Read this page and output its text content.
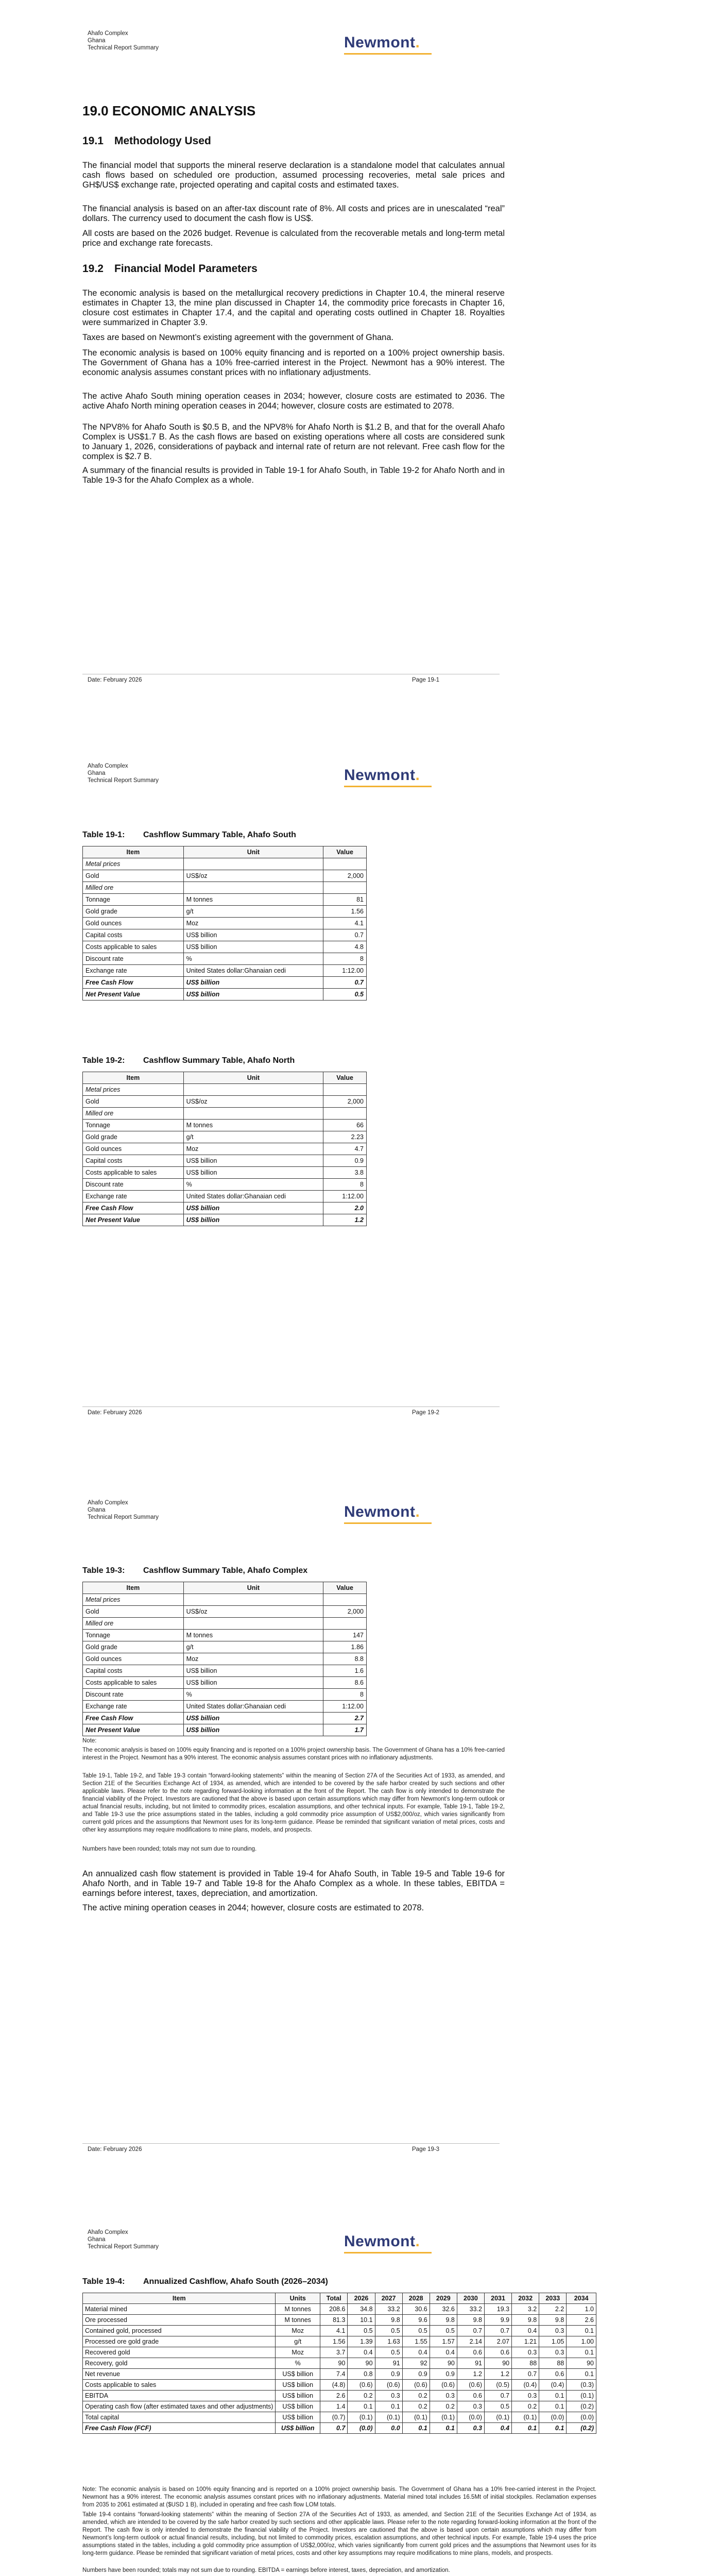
Ahafo Complex
Ghana
Technical Report Summary	Newmont.
19.0 ECONOMIC ANALYSIS
19.1 Methodology Used

The financial model that supports the mineral reserve declaration is a standalone model that calculates annual cash flows based on scheduled ore production, assumed processing recoveries, metal sale prices and GH$/US$ exchange rate, projected operating and capital costs and estimated taxes.

The financial analysis is based on an after-tax discount rate of 8%. All costs and prices are in unescalated “real” dollars. The currency used to document the cash flow is US$.

All costs are based on the 2026 budget. Revenue is calculated from the recoverable metals and long-term metal price and exchange rate forecasts.

19.2 Financial Model Parameters

The economic analysis is based on the metallurgical recovery predictions in Chapter 10.4, the mineral reserve estimates in Chapter 13, the mine plan discussed in Chapter 14, the commodity price forecasts in Chapter 16, closure cost estimates in Chapter 17.4, and the capital and operating costs outlined in Chapter 18. Royalties were summarized in Chapter 3.9.

Taxes are based on Newmont’s existing agreement with the government of Ghana.

The economic analysis is based on 100% equity financing and is reported on a 100% project ownership basis. The Government of Ghana has a 10% free-carried interest in the Project. Newmont has a 90% interest. The economic analysis assumes constant prices with no inflationary adjustments.

The active Ahafo South mining operation ceases in 2034; however, closure costs are estimated to 2036. The active Ahafo North mining operation ceases in 2044; however, closure costs are estimated to 2078.

The NPV8% for Ahafo South is $0.5 B, and the NPV8% for Ahafo North is $1.2 B, and that for the overall Ahafo Complex is US$1.7 B. As the cash flows are based on existing operations where all costs are considered sunk to January 1, 2026, considerations of payback and internal rate of return are not relevant. Free cash flow for the complex is $2.7 B.

A summary of the financial results is provided in Table 19-1 for Ahafo South, in Table 19-2 for Ahafo North and in Table 19-3 for the Ahafo Complex as a whole.

Date: February 2026	Page 19-1
Ahafo Complex
Ghana
Technical Report Summary	Newmont.

Table 19-1: Cashflow Summary Table, Ahafo South

Item	Unit	Value
Metal prices		
Gold	US$/oz	2,000
Milled ore		
Tonnage	M tonnes	81
Gold grade	g/t	1.56
Gold ounces	Moz	4.1
Capital costs	US$ billion	0.7
Costs applicable to sales	US$ billion	4.8
Discount rate	%	8
Exchange rate	United States dollar:Ghanaian cedi	1:12.00
Free Cash Flow	US$ billion	0.7
Net Present Value	US$ billion	0.5

Table 19-2: Cashflow Summary Table, Ahafo North

Item	Unit	Value
Metal prices		
Gold	US$/oz	2,000
Milled ore		
Tonnage	M tonnes	66
Gold grade	g/t	2.23
Gold ounces	Moz	4.7
Capital costs	US$ billion	0.9
Costs applicable to sales	US$ billion	3.8
Discount rate	%	8
Exchange rate	United States dollar:Ghanaian cedi	1:12.00
Free Cash Flow	US$ billion	2.0
Net Present Value	US$ billion	1.2
Date: February 2026	Page 19-2
Ahafo Complex
Ghana
Technical Report Summary	Newmont.

Table 19-3: Cashflow Summary Table, Ahafo Complex

Item	Unit	Value
Metal prices		
Gold	US$/oz	2,000
Milled ore		
Tonnage	M tonnes	147
Gold grade	g/t	1.86
Gold ounces	Moz	8.8
Capital costs	US$ billion	1.6
Costs applicable to sales	US$ billion	8.6
Discount rate	%	8
Exchange rate	United States dollar:Ghanaian cedi	1:12.00
Free Cash Flow	US$ billion	2.7
Net Present Value	US$ billion	1.7

Note:

The economic analysis is based on 100% equity financing and is reported on a 100% project ownership basis. The Government of Ghana has a 10% free-carried interest in the Project. Newmont has a 90% interest. The economic analysis assumes constant prices with no inflationary adjustments.

Table 19-1, Table 19-2, and Table 19-3 contain “forward-looking statements” within the meaning of Section 27A of the Securities Act of 1933, as amended, and Section 21E of the Securities Exchange Act of 1934, as amended, which are intended to be covered by the safe harbor created by such sections and other applicable laws. Please refer to the note regarding forward-looking information at the front of the Report. The cash flow is only intended to demonstrate the financial viability of the Project. Investors are cautioned that the above is based upon certain assumptions which may differ from Newmont’s long-term outlook or actual financial results, including, but not limited to commodity prices, escalation assumptions, and other technical inputs. For example, Table 19-1, Table 19-2, and Table 19-3 use the price assumptions stated in the tables, including a gold commodity price assumption of US$2,000/oz, which varies significantly from current gold prices and the assumptions that Newmont uses for its long-term guidance. Please be reminded that significant variation of metal prices, costs and other key assumptions may require modifications to mine plans, models, and prospects.

Numbers have been rounded; totals may not sum due to rounding.

An annualized cash flow statement is provided in Table 19-4 for Ahafo South, in Table 19-5 and Table 19-6 for Ahafo North, and in Table 19-7 and Table 19-8 for the Ahafo Complex as a whole. In these tables, EBITDA = earnings before interest, taxes, depreciation, and amortization.

The active mining operation ceases in 2044; however, closure costs are estimated to 2078.

Date: February 2026	Page 19-3
Ahafo Complex
Ghana
Technical Report Summary	Newmont.

Table 19-4: Annualized Cashflow, Ahafo South (2026–2034)

Item	Units	Total	2026	2027	2028	2029	2030	2031	2032	2033	2034
Material mined	M tonnes	208.6	34.8	33.2	30.6	32.6	33.2	19.3	3.2	2.2	1.0
Ore processed	M tonnes	81.3	10.1	9.8	9.6	9.8	9.8	9.9	9.8	9.8	2.6
Contained gold, processed	Moz	4.1	0.5	0.5	0.5	0.5	0.7	0.7	0.4	0.3	0.1
Processed ore gold grade	g/t	1.56	1.39	1.63	1.55	1.57	2.14	2.07	1.21	1.05	1.00
Recovered gold	Moz	3.7	0.4	0.5	0.4	0.4	0.6	0.6	0.3	0.3	0.1
Recovery, gold	%	90	90	91	92	90	91	90	88	88	90
Net revenue	US$ billion	7.4	0.8	0.9	0.9	0.9	1.2	1.2	0.7	0.6	0.1
Costs applicable to sales	US$ billion	(4.8)	(0.6)	(0.6)	(0.6)	(0.6)	(0.6)	(0.5)	(0.4)	(0.4)	(0.3)
EBITDA	US$ billion	2.6	0.2	0.3	0.2	0.3	0.6	0.7	0.3	0.1	(0.1)
Operating cash flow (after estimated taxes and other adjustments)	US$ billion	1.4	0.1	0.1	0.2	0.2	0.3	0.5	0.2	0.1	(0.2)
Total capital	US$ billion	(0.7)	(0.1)	(0.1)	(0.1)	(0.1)	(0.0)	(0.1)	(0.1)	(0.0)	(0.0)
Free Cash Flow (FCF)	US$ billion	0.7	(0.0)	0.0	0.1	0.1	0.3	0.4	0.1	0.1	(0.2)

Note: The economic analysis is based on 100% equity financing and is reported on a 100% project ownership basis. The Government of Ghana has a 10% free-carried interest in the Project. Newmont has a 90% interest. The economic analysis assumes constant prices with no inflationary adjustments. Material mined total includes 16.5Mt of initial stockpiles. Reclamation expenses from 2035 to 2061 estimated at ($USD 1 B), included in operating and free cash flow LOM totals.

Table 19-4 contains “forward-looking statements” within the meaning of Section 27A of the Securities Act of 1933, as amended, and Section 21E of the Securities Exchange Act of 1934, as amended, which are intended to be covered by the safe harbor created by such sections and other applicable laws. Please refer to the note regarding forward-looking information at the front of the Report. The cash flow is only intended to demonstrate the financial viability of the Project. Investors are cautioned that the above is based upon certain assumptions which may differ from Newmont’s long-term outlook or actual financial results, including, but not limited to commodity prices, escalation assumptions, and other technical inputs. For example, Table 19-4 uses the price assumptions stated in the tables, including a gold commodity price assumption of US$2,000/oz, which varies significantly from current gold prices and the assumptions that Newmont uses for its long-term guidance. Please be reminded that significant variation of metal prices, costs and other key assumptions may require modifications to mine plans, models, and prospects.

Numbers have been rounded; totals may not sum due to rounding. EBITDA = earnings before interest, taxes, depreciation, and amortization.
